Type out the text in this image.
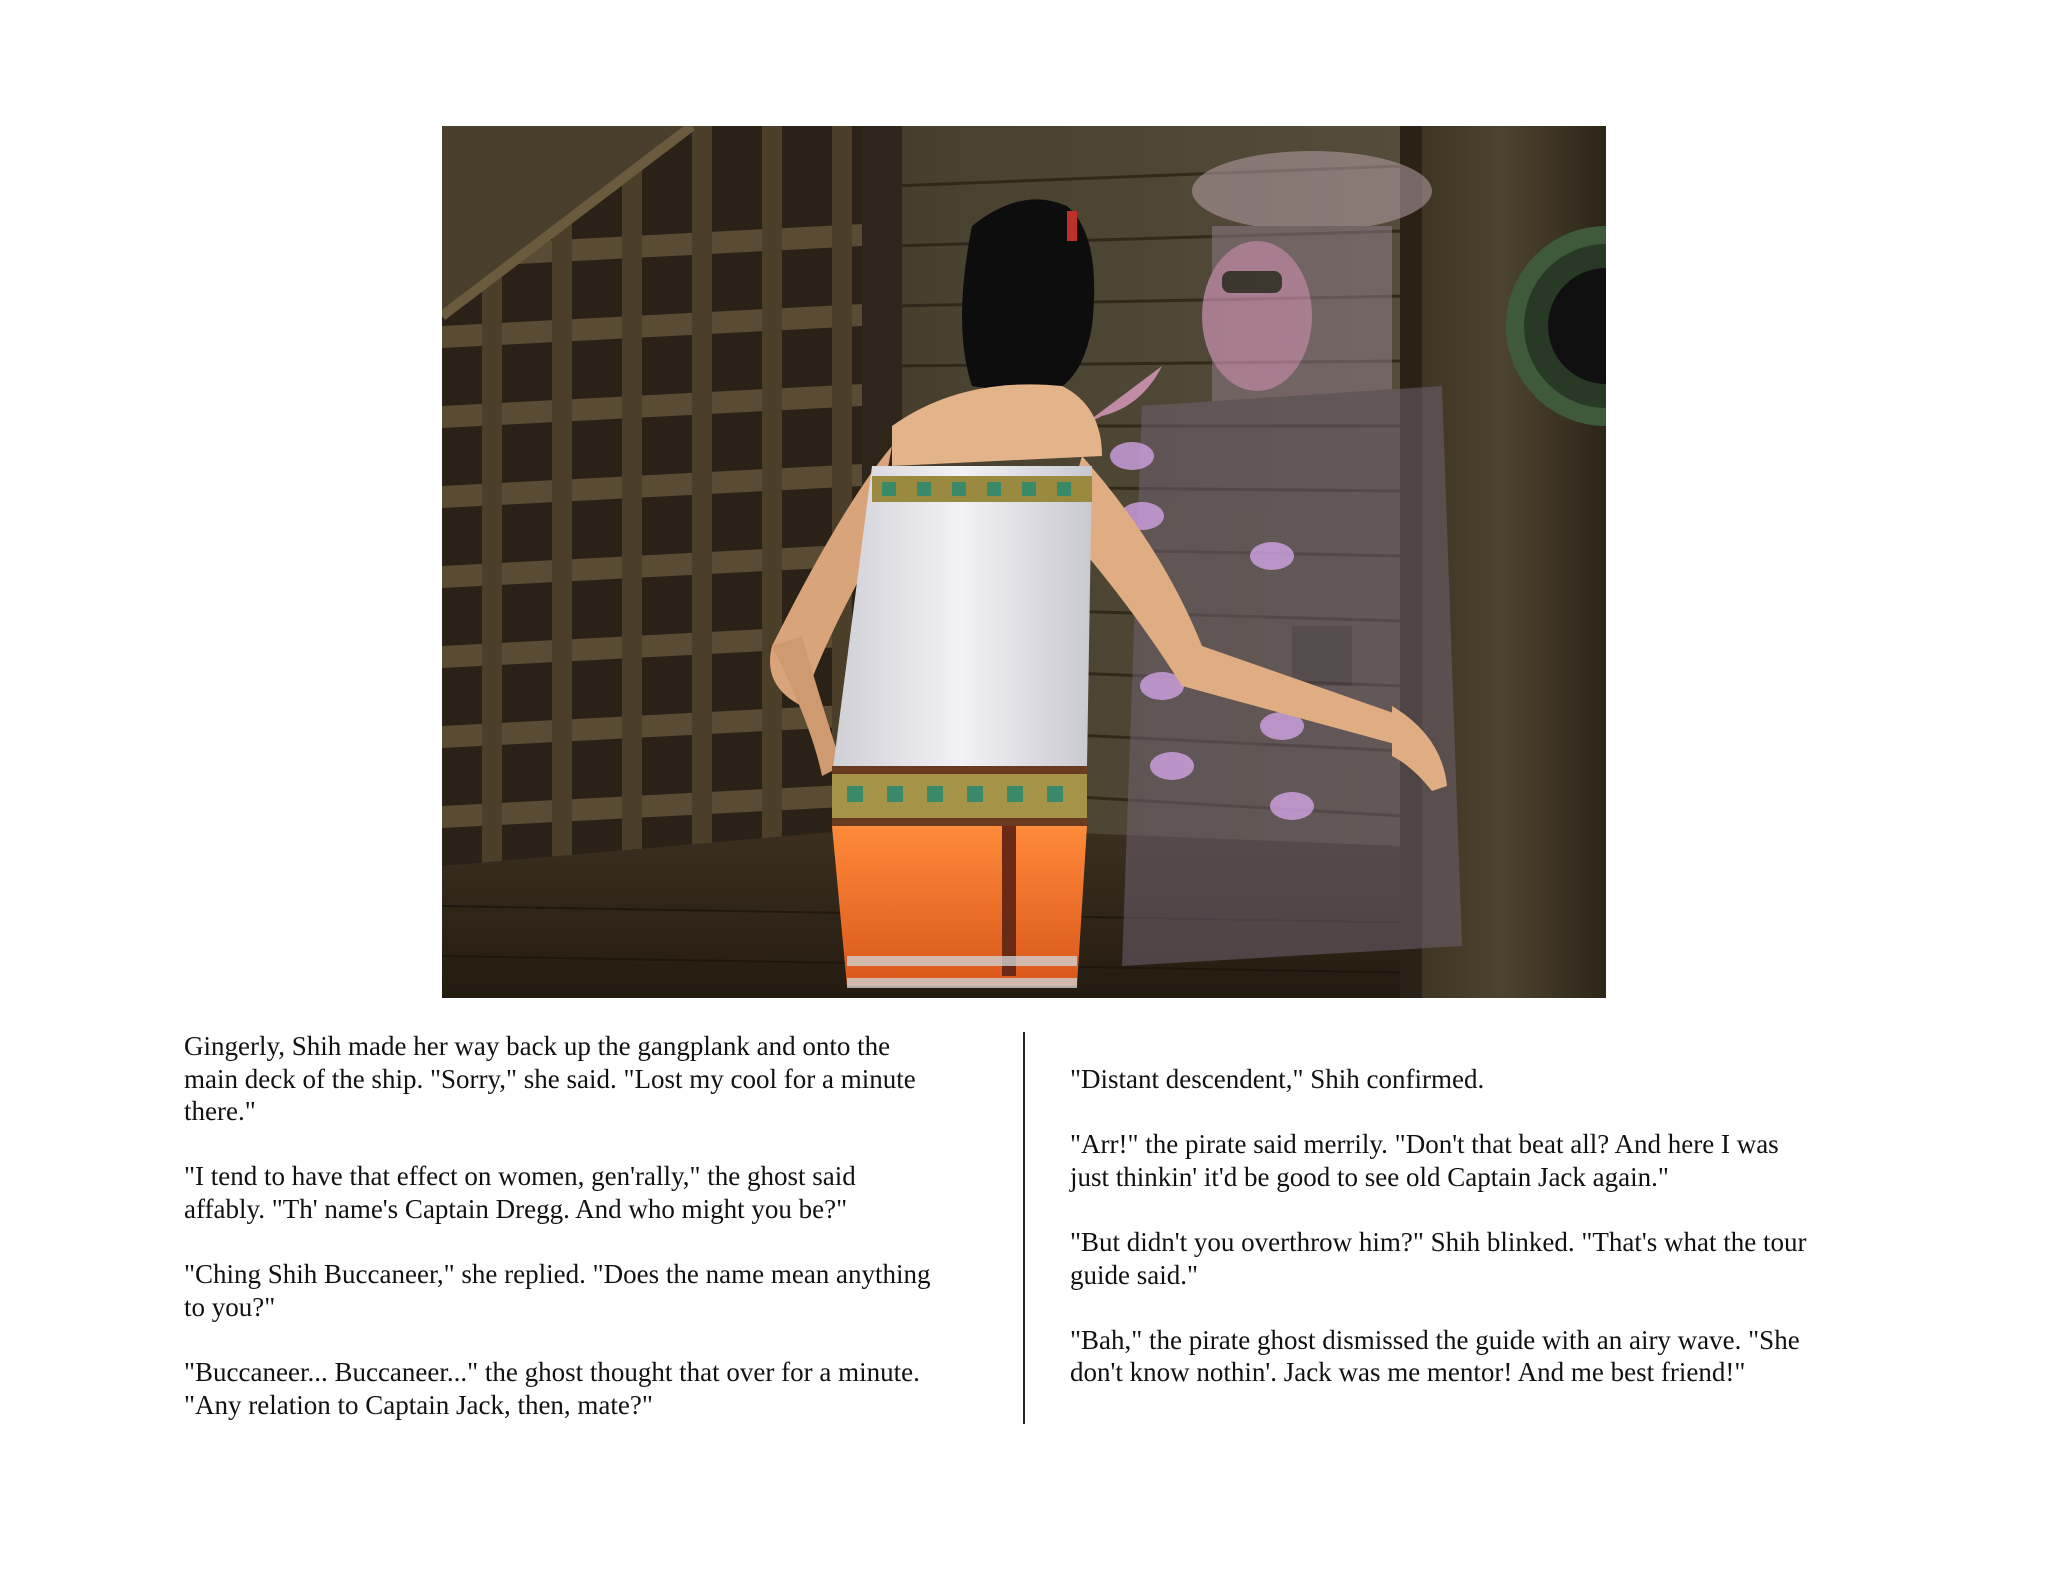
Gingerly, Shih made her way back up the gangplank and onto the
main deck of the ship. "Sorry," she said. "Lost my cool for a minute
there."

"I tend to have that effect on women, gen'rally," the ghost said
affably. "Th' name's Captain Dregg. And who might you be?"

"Ching Shih Buccaneer," she replied. "Does the name mean anything
to you?"

"Buccaneer... Buccaneer..." the ghost thought that over for a minute.
"Any relation to Captain Jack, then, mate?"

"Distant descendent," Shih confirmed.

"Arr!" the pirate said merrily. "Don't that beat all? And here I was
just thinkin' it'd be good to see old Captain Jack again."

"But didn't you overthrow him?" Shih blinked. "That's what the tour
guide said."

"Bah," the pirate ghost dismissed the guide with an airy wave. "She
don't know nothin'. Jack was me mentor! And me best friend!"
